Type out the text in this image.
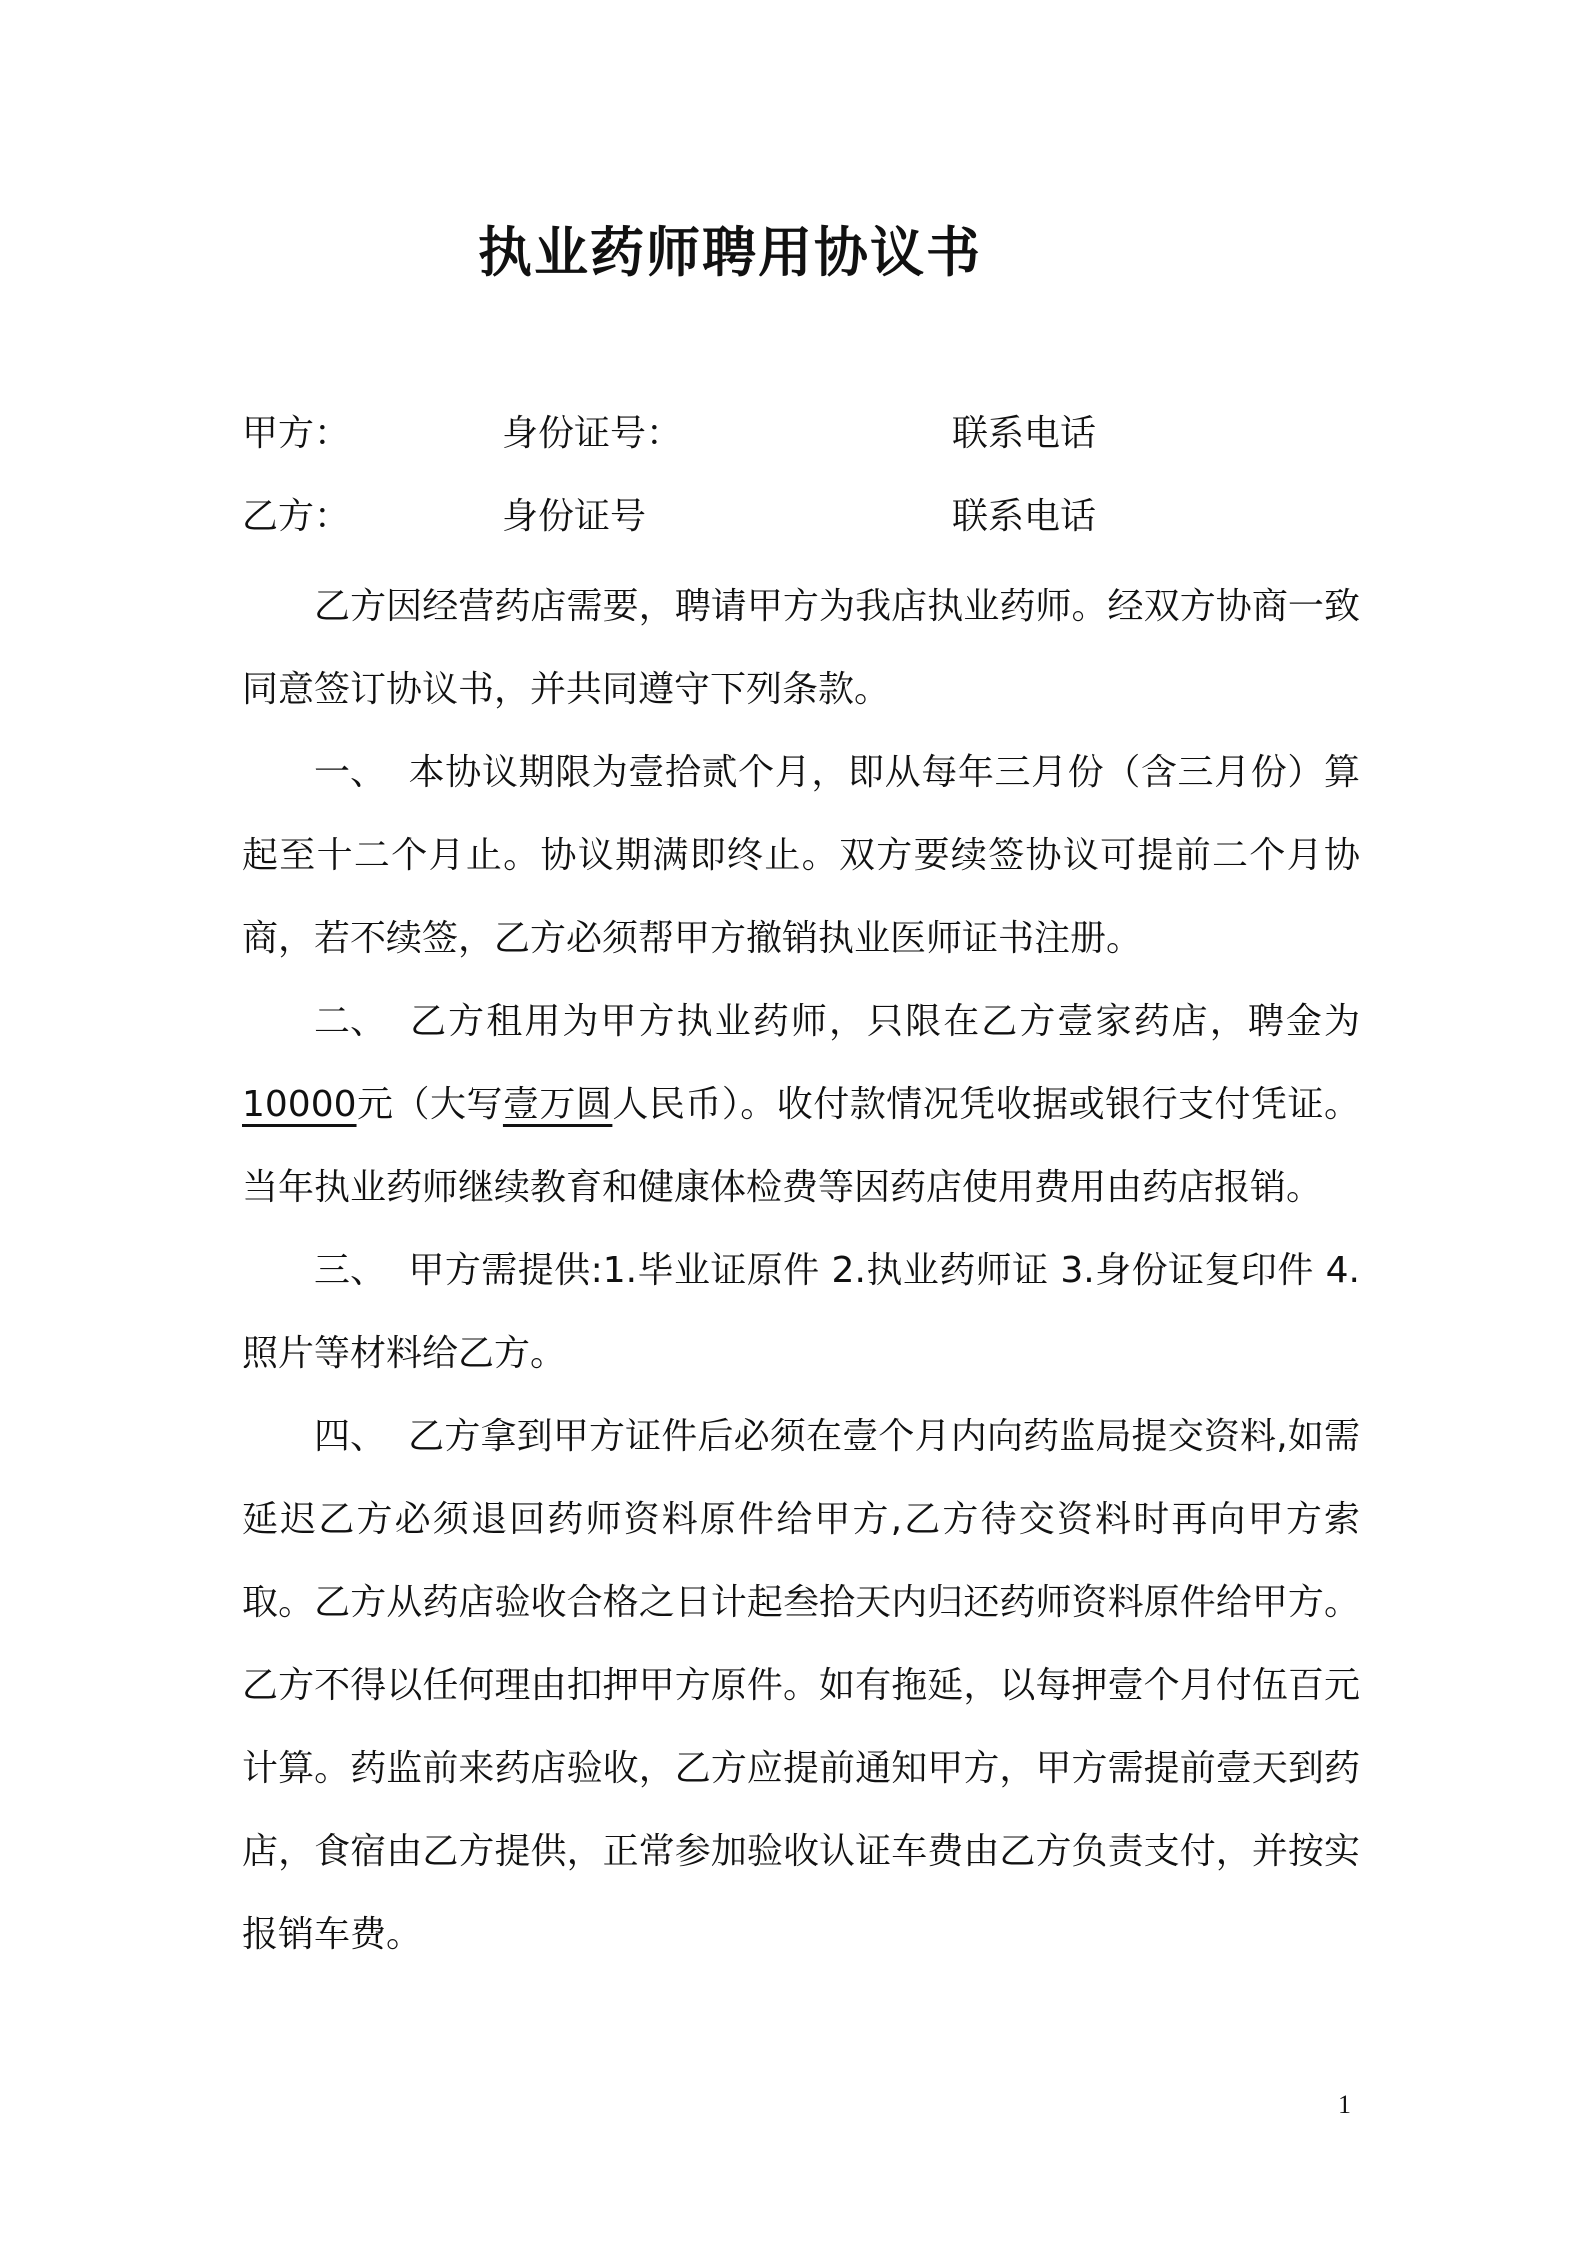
执业药师聘用协议书
甲方：	身份证号：	联系电话
乙方：	身份证号	联系电话

乙方因经营药店需要，聘请甲方为我店执业药师。经双方协商一致同意签订协议书，并共同遵守下列条款。

一、 本协议期限为壹拾贰个月，即从每年三月份（含三月份）算起至十二个月止。协议期满即终止。双方要续签协议可提前二个月协商，若不续签，乙方必须帮甲方撤销执业医师证书注册。

二、 乙方租用为甲方执业药师，只限在乙方壹家药店，聘金为10000元（大写壹万圆人民币）。收付款情况凭收据或银行支付凭证。当年执业药师继续教育和健康体检费等因药店使用费用由药店报销。

三、 甲方需提供:1.毕业证原件 2.执业药师证 3.身份证复印件 4.照片等材料给乙方。

四、 乙方拿到甲方证件后必须在壹个月内向药监局提交资料,如需延迟乙方必须退回药师资料原件给甲方,乙方待交资料时再向甲方索取。乙方从药店验收合格之日计起叁拾天内归还药师资料原件给甲方。乙方不得以任何理由扣押甲方原件。如有拖延，以每押壹个月付伍百元计算。药监前来药店验收，乙方应提前通知甲方，甲方需提前壹天到药店，食宿由乙方提供，正常参加验收认证车费由乙方负责支付，并按实报销车费。

1
